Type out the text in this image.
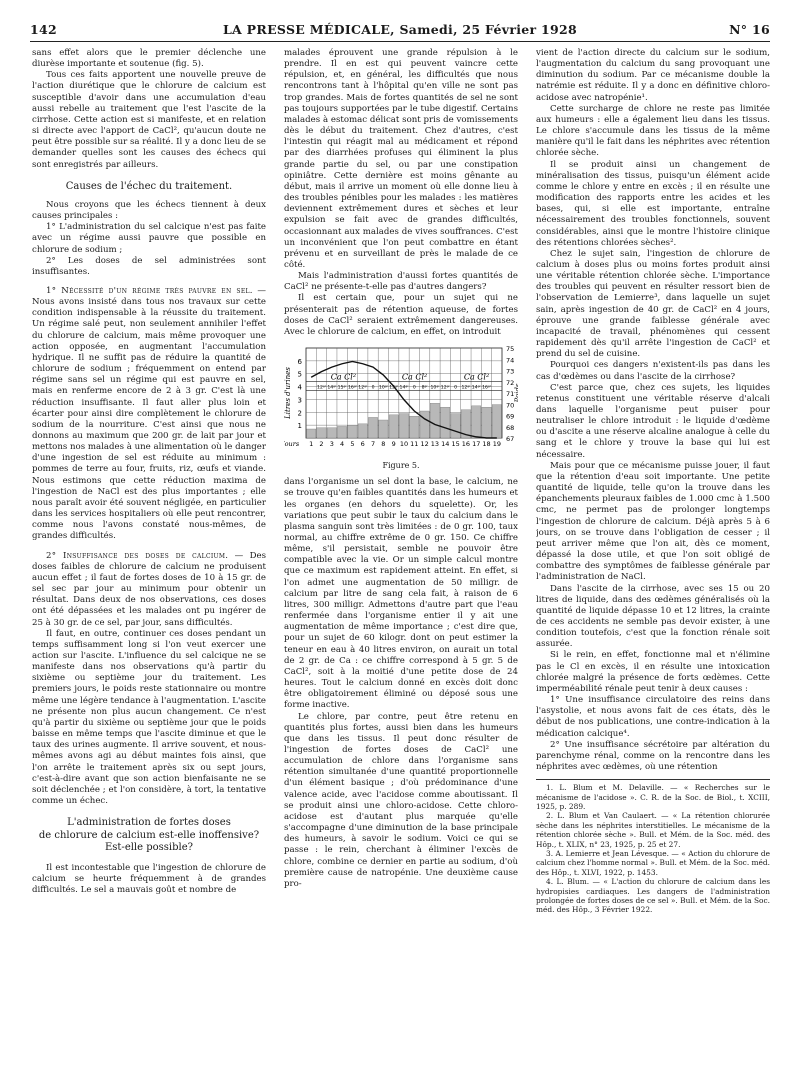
142	LA PRESSE MÉDICALE, Samedi, 25 Février 1928	N° 16

sans effet alors que le premier déclenche une diurèse importante et soutenue (fig. 5).

Tous ces faits apportent une nouvelle preuve de l'action diurétique que le chlorure de calcium est susceptible d'avoir dans une accumulation d'eau aussi rebelle au traitement que l'est l'ascite de la cirrhose. Cette action est si manifeste, et en relation si directe avec l'apport de CaCl², qu'aucun doute ne peut être possible sur sa réalité. Il y a donc lieu de se demander quelles sont les causes des échecs qui sont enregistrés par ailleurs.

Causes de l'échec du traitement.

Nous croyons que les échecs tiennent à deux causes principales :

1° L'administration du sel calcique n'est pas faite avec un régime aussi pauvre que possible en chlorure de sodium ;

2° Les doses de sel administrées sont insuffisantes.

1° Nécessité d'un régime très pauvre en sel. — Nous avons insisté dans tous nos travaux sur cette condition indispensable à la réussite du traitement. Un régime salé peut, non seulement annihiler l'effet du chlorure de calcium, mais même provoquer une action opposée, en augmentant l'accumulation hydrique. Il ne suffit pas de réduire la quantité de chlorure de sodium ; fréquemment on entend par régime sans sel un régime qui est pauvre en sel, mais en renferme encore de 2 à 3 gr. C'est là une réduction insuffisante. Il faut aller plus loin et écarter pour ainsi dire complètement le chlorure de sodium de la nourriture. C'est ainsi que nous ne donnons au maximum que 200 gr. de lait par jour et mettons nos malades à une alimentation où le danger d'une ingestion de sel est réduite au minimum : pommes de terre au four, fruits, riz, œufs et viande. Nous estimons que cette réduction maxima de l'ingestion de NaCl est des plus importantes ; elle nous paraît avoir été souvent négligée, en particulier dans les services hospitaliers où elle peut rencontrer, comme nous l'avons constaté nous-mêmes, de grandes difficultés.

2° Insuffisance des doses de calcium. — Des doses faibles de chlorure de calcium ne produisent aucun effet ; il faut de fortes doses de 10 à 15 gr. de sel sec par jour au minimum pour obtenir un résultat. Dans deux de nos observations, ces doses ont été dépassées et les malades ont pu ingérer de 25 à 30 gr. de ce sel, par jour, sans difficultés.

Il faut, en outre, continuer ces doses pendant un temps suffisamment long si l'on veut exercer une action sur l'ascite. L'influence du sel calcique ne se manifeste dans nos observations qu'à partir du sixième ou septième jour du traitement. Les premiers jours, le poids reste stationnaire ou montre même une légère tendance à l'augmentation. L'ascite ne présente non plus aucun changement. Ce n'est qu'à partir du sixième ou septième jour que le poids baisse en même temps que l'ascite diminue et que le taux des urines augmente. Il arrive souvent, et nous-mêmes avons agi au début maintes fois ainsi, que l'on arrête le traitement après six ou sept jours, c'est-à-dire avant que son action bienfaisante ne se soit déclenchée ; et l'on considère, à tort, la tentative comme un échec.

L'administration de fortes doses
de chlorure de calcium est-elle inoffensive?
Est-elle possible?

Il est incontestable que l'ingestion de chlorure de calcium se heurte fréquemment à de grandes difficultés. Le sel a mauvais goût et nombre de

malades éprouvent une grande répulsion à le prendre. Il en est qui peuvent vaincre cette répulsion, et, en général, les difficultés que nous rencontrons tant à l'hôpital qu'en ville ne sont pas trop grandes. Mais de fortes quantités de sel ne sont pas toujours supportées par le tube digestif. Certains malades à estomac délicat sont pris de vomissements dès le début du traitement. Chez d'autres, c'est l'intestin qui réagit mal au médicament et répond par des diarrhées profuses qui éliminent la plus grande partie du sel, ou par une constipation opiniâtre. Cette dernière est moins gênante au début, mais il arrive un moment où elle donne lieu à des troubles pénibles pour les malades : les matières deviennent extrêmement dures et sèches et leur expulsion se fait avec de grandes difficultés, occasionnant aux malades de vives souffrances. C'est un inconvénient que l'on peut combattre en étant prévenu et en surveillant de près le malade de ce côté.

Mais l'administration d'aussi fortes quantités de CaCl² ne présente-t-elle pas d'autres dangers?

Il est certain que, pour un sujet qui ne présenterait pas de rétention aqueuse, de fortes doses de CaCl² seraient extrêmement dangereuses. Avec le chlorure de calcium, en effet, on introduit

Ca Cl²	Ca Cl²	Ca Cl²
12ᵍʳ 14ᵍʳ 15ᵍʳ 16ᵍʳ 12ᵍʳ 0 10ᵍʳ 12ᵍʳ 14ᵍʳ 0 8ᵍʳ 10ᵍʳ 12ᵍʳ 0 12ᵍʳ 14ᵍʳ 16ᵍʳ
1
2
3
4
5
6
67
68
69
70
71
72
73
74
75
1 2 3 4 5 6 7 8 9 10 11 12 13 14 15 16 17 18 19
Litres d'urines	Poids
Jours
Figure 5.

dans l'organisme un sel dont la base, le calcium, ne se trouve qu'en faibles quantités dans les humeurs et les organes (en dehors du squelette). Or, les variations que peut subir le taux du calcium dans le plasma sanguin sont très limitées : de 0 gr. 100, taux normal, au chiffre extrême de 0 gr. 150. Ce chiffre même, s'il persistait, semble ne pouvoir être compatible avec la vie. Or un simple calcul montre que ce maximum est rapidement atteint. En effet, si l'on admet une augmentation de 50 milligr. de calcium par litre de sang cela fait, à raison de 6 litres, 300 milligr. Admettons d'autre part que l'eau renfermée dans l'organisme entier il y ait une augmentation de même importance ; c'est dire que, pour un sujet de 60 kilogr. dont on peut estimer la teneur en eau à 40 litres environ, on aurait un total de 2 gr. de Ca : ce chiffre correspond à 5 gr. 5 de CaCl², soit à la moitié d'une petite dose de 24 heures. Tout le calcium donné en excès doit donc être obligatoirement éliminé ou déposé sous une forme inactive.

Le chlore, par contre, peut être retenu en quantités plus fortes, aussi bien dans les humeurs que dans les tissus. Il peut donc résulter de l'ingestion de fortes doses de CaCl² une accumulation de chlore dans l'organisme sans rétention simultanée d'une quantité proportionnelle d'un élément basique ; d'où prédominance d'une valence acide, avec l'acidose comme aboutissant. Il se produit ainsi une chloro-acidose. Cette chloro-acidose est d'autant plus marquée qu'elle s'accompagne d'une diminution de la base principale des humeurs, à savoir le sodium. Voici ce qui se passe : le rein, cherchant à éliminer l'excès de chlore, combine ce dernier en partie au sodium, d'où première cause de natropénie. Une deuxième cause pro-

vient de l'action directe du calcium sur le sodium, l'augmentation du calcium du sang provoquant une diminution du sodium. Par ce mécanisme double la natrémie est réduite. Il y a donc en définitive chloro-acidose avec natropénie¹.

Cette surcharge de chlore ne reste pas limitée aux humeurs : elle a également lieu dans les tissus. Le chlore s'accumule dans les tissus de la même manière qu'il le fait dans les néphrites avec rétention chlorée sèche.

Il se produit ainsi un changement de minéralisation des tissus, puisqu'un élément acide comme le chlore y entre en excès ; il en résulte une modification des rapports entre les acides et les bases, qui, si elle est importante, entraîne nécessairement des troubles fonctionnels, souvent considérables, ainsi que le montre l'histoire clinique des rétentions chlorées sèches².

Chez le sujet sain, l'ingestion de chlorure de calcium à doses plus ou moins fortes produit ainsi une véritable rétention chlorée sèche. L'importance des troubles qui peuvent en résulter ressort bien de l'observation de Lemierre³, dans laquelle un sujet sain, après ingestion de 40 gr. de CaCl² en 4 jours, éprouve une grande faiblesse générale avec incapacité de travail, phénomènes qui cessent rapidement dès qu'il arrête l'ingestion de CaCl² et prend du sel de cuisine.

Pourquoi ces dangers n'existent-ils pas dans les cas d'œdèmes ou dans l'ascite de la cirrhose?

C'est parce que, chez ces sujets, les liquides retenus constituent une véritable réserve d'alcali dans laquelle l'organisme peut puiser pour neutraliser le chlore introduit : le liquide d'œdème ou d'ascite a une réserve alcaline analogue à celle du sang et le chlore y trouve la base qui lui est nécessaire.

Mais pour que ce mécanisme puisse jouer, il faut que la rétention d'eau soit importante. Une petite quantité de liquide, telle qu'on la trouve dans les épanchements pleuraux faibles de 1.000 cmc à 1.500 cmc, ne permet pas de prolonger longtemps l'ingestion de chlorure de calcium. Déjà après 5 à 6 jours, on se trouve dans l'obligation de cesser ; il peut arriver même que l'on ait, dès ce moment, dépassé la dose utile, et que l'on soit obligé de combattre des symptômes de faiblesse générale par l'administration de NaCl.

Dans l'ascite de la cirrhose, avec ses 15 ou 20 litres de liquide, dans des œdèmes généralisés où la quantité de liquide dépasse 10 et 12 litres, la crainte de ces accidents ne semble pas devoir exister, à une condition toutefois, c'est que la fonction rénale soit assurée.

Si le rein, en effet, fonctionne mal et n'élimine pas le Cl en excès, il en résulte une intoxication chlorée malgré la présence de forts œdèmes. Cette imperméabilité rénale peut tenir à deux causes :

1° Une insuffisance circulatoire des reins dans l'asystolie, et nous avons fait de ces états, dès le début de nos publications, une contre-indication à la médication calcique⁴.

2° Une insuffisance sécrétoire par altération du parenchyme rénal, comme on la rencontre dans les néphrites avec œdèmes, où une rétention

1. L. Blum et M. Delaville. — « Recherches sur le mécanisme de l'acidose ». C. R. de la Soc. de Biol., t. XCIII, 1925, p. 289.

2. L. Blum et Van Caulaert. — « La rétention chlorurée sèche dans les néphrites interstitielles. Le mécanisme de la rétention chlorée sèche ». Bull. et Mém. de la Soc. méd. des Hôp., t. XLIX, n° 23, 1925, p. 25 et 27.

3. A. Lemierre et Jean Lévesque. — « Action du chlorure de calcium chez l'homme normal ». Bull. et Mém. de la Soc. méd. des Hôp., t. XLVI, 1922, p. 1453.

4. L. Blum. — « L'action du chlorure de calcium dans les hydropisies cardiaques. Les dangers de l'administration prolongée de fortes doses de ce sel ». Bull. et Mém. de la Soc. méd. des Hôp., 3 Février 1922.
